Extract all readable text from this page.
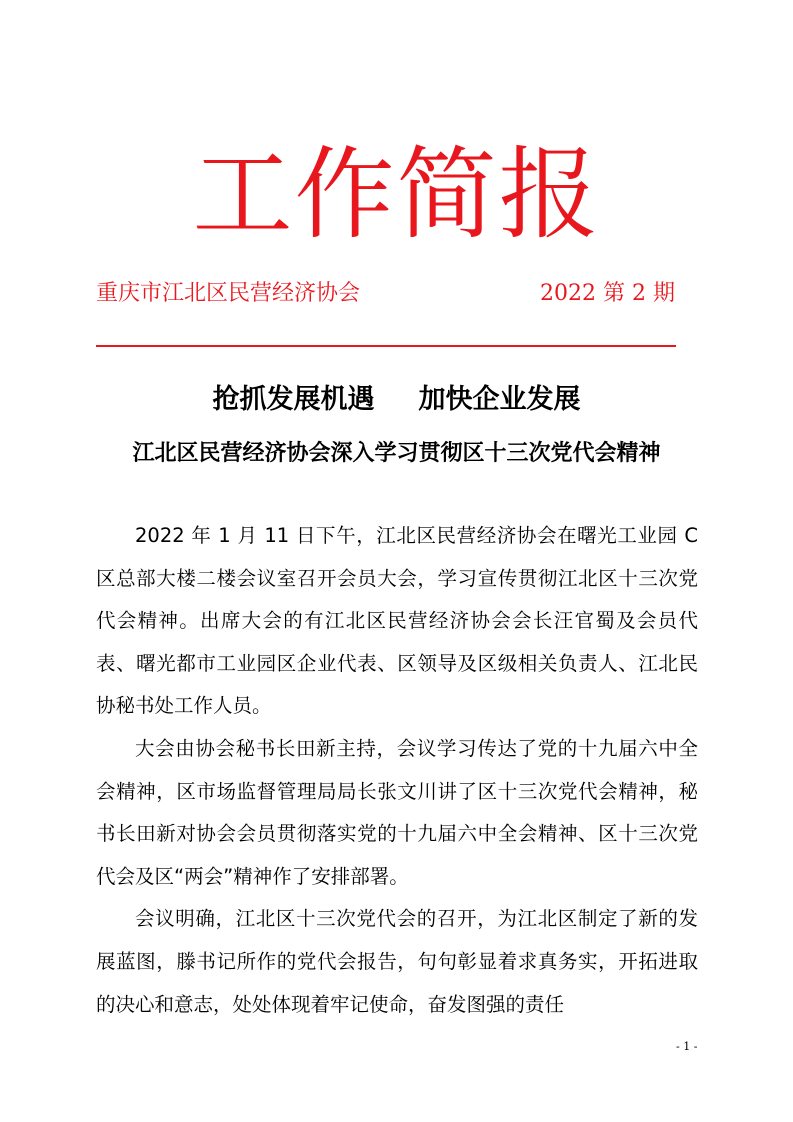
工作简报
重庆市江北区民营经济协会	2022 第 2 期
抢抓发展机遇 加快企业发展
江北区民营经济协会深入学习贯彻区十三次党代会精神

2022 年 1 月 11 日下午，江北区民营经济协会在曙光工业园 C 区总部大楼二楼会议室召开会员大会，学习宣传贯彻江北区十三次党代会精神。出席大会的有江北区民营经济协会会长汪官蜀及会员代表、曙光都市工业园区企业代表、区领导及区级相关负责人、江北民协秘书处工作人员。

大会由协会秘书长田新主持，会议学习传达了党的十九届六中全会精神，区市场监督管理局局长张文川讲了区十三次党代会精神，秘书长田新对协会会员贯彻落实党的十九届六中全会精神、区十三次党代会及区“两会”精神作了安排部署。

会议明确，江北区十三次党代会的召开，为江北区制定了新的发展蓝图，滕书记所作的党代会报告，句句彰显着求真务实，开拓进取的决心和意志，处处体现着牢记使命，奋发图强的责任

- 1 -
